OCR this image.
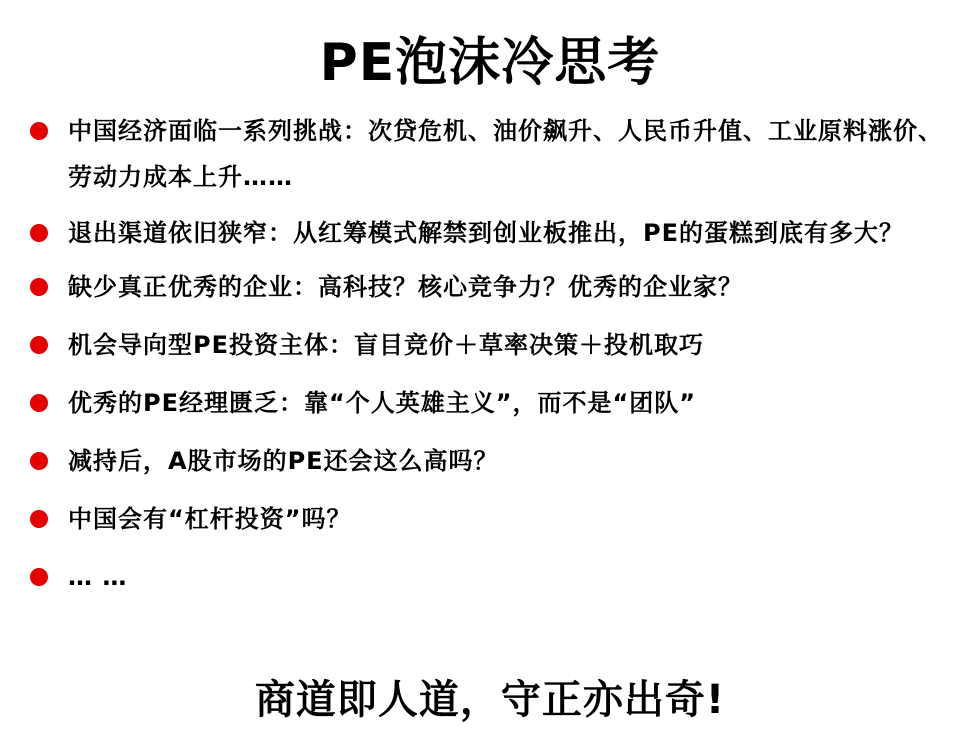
PE泡沫冷思考
中国经济面临一系列挑战：次贷危机、油价飙升、人民币升值、工业原料涨价、劳动力成本上升……
退出渠道依旧狭窄：从红筹模式解禁到创业板推出，PE的蛋糕到底有多大？
缺少真正优秀的企业：高科技？核心竞争力？优秀的企业家？
机会导向型PE投资主体：盲目竞价＋草率决策＋投机取巧
优秀的PE经理匮乏：靠“个人英雄主义”，而不是“团队”
减持后，A股市场的PE还会这么高吗？
中国会有“杠杆投资”吗？
… …
商道即人道，守正亦出奇!
